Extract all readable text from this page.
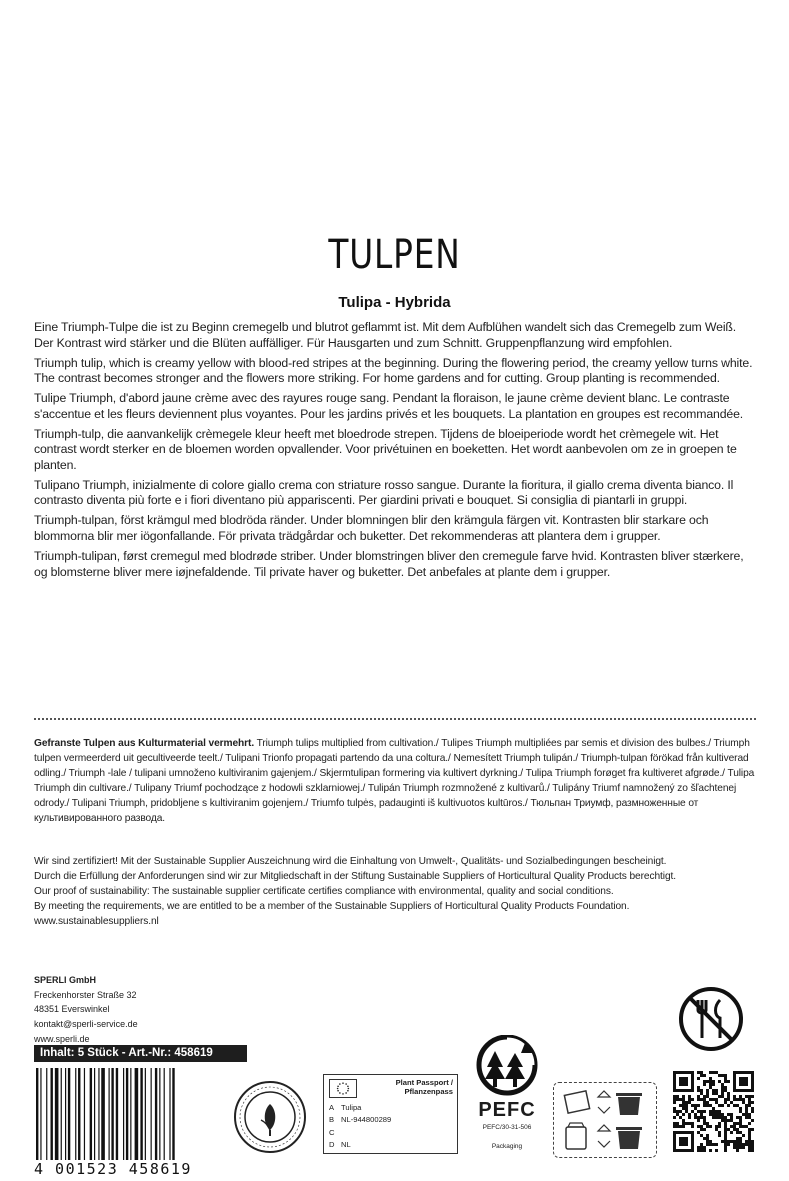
TULPEN
Tulipa - Hybrida

Eine Triumph-Tulpe die ist zu Beginn cremegelb und blutrot geflammt ist. Mit dem Aufblühen wandelt sich das Cremegelb zum Weiß. Der Kontrast wird stärker und die Blüten auffälliger. Für Hausgarten und zum Schnitt. Gruppenpflanzung wird empfohlen.

Triumph tulip, which is creamy yellow with blood-red stripes at the beginning. During the flowering period, the creamy yellow turns white. The contrast becomes stronger and the flowers more striking. For home gardens and for cutting. Group planting is recommended.

Tulipe Triumph, d'abord jaune crème avec des rayures rouge sang. Pendant la floraison, le jaune crème devient blanc. Le contraste s'accentue et les fleurs deviennent plus voyantes. Pour les jardins privés et les bouquets. La plantation en groupes est recommandée.

Triumph-tulp, die aanvankelijk crèmegele kleur heeft met bloedrode strepen. Tijdens de bloeiperiode wordt het crèmegele wit. Het contrast wordt sterker en de bloemen worden opvallender. Voor privétuinen en boeketten. Het wordt aanbevolen om ze in groepen te planten.

Tulipano Triumph, inizialmente di colore giallo crema con striature rosso sangue. Durante la fioritura, il giallo crema diventa bianco. Il contrasto diventa più forte e i fiori diventano più appariscenti. Per giardini privati e bouquet. Si consiglia di piantarli in gruppi.

Triumph-tulpan, först krämgul med blodröda ränder. Under blomningen blir den krämgula färgen vit. Kontrasten blir starkare och blommorna blir mer iögonfallande. För privata trädgårdar och buketter. Det rekommenderas att plantera dem i grupper.

Triumph-tulipan, først cremegul med blodrøde striber. Under blomstringen bliver den cremegule farve hvid. Kontrasten bliver stærkere, og blomsterne bliver mere iøjnefaldende. Til private haver og buketter. Det anbefales at plante dem i grupper.

Gefranste Tulpen aus Kulturmaterial vermehrt. Triumph tulips multiplied from cultivation./ Tulipes Triumph multipliées par semis et division des bulbes./ Triumph tulpen vermeerderd uit gecultiveerde teelt./ Tulipani Trionfo propagati partendo da una coltura./ Nemesített Triumph tulipán./ Triumph-tulpan förökad från kultiverad odling./ Triumph -lale / tulipani umnoženo kultiviranim gajenjem./ Skjermtulipan formering via kultivert dyrkning./ Tulipa Triumph forøget fra kultiveret afgrøde./ Tulipa Triumph din cultivare./ Tulipany Triumf pochodzące z hodowli szklarniowej./ Tulipán Triumph rozmnožené z kultivarů./ Tulipány Triumf namnožený zo šľachtenej odrody./ Tulipani Triumph, pridobljene s kultiviranim gojenjem./ Triumfo tulpės, padaugintі iš kultivuotos kultūros./ Тюльпан Триумф, размноженные от культивированного развода.
Wir sind zertifiziert! Mit der Sustainable Supplier Auszeichnung wird die Einhaltung von Umwelt-, Qualitäts- und Sozialbedingungen bescheinigt.
Durch die Erfüllung der Anforderungen sind wir zur Mitgliedschaft in der Stiftung Sustainable Suppliers of Horticultural Quality Products berechtigt.
Our proof of sustainability: The sustainable supplier certificate certifies compliance with environmental, quality and social conditions.
By meeting the requirements, we are entitled to be a member of the Sustainable Suppliers of Horticultural Quality Products Foundation.
www.sustainablesuppliers.nl
SPERLI GmbH
Freckenhorster Straße 32
48351 Everswinkel
kontakt@sperli-service.de
www.sperli.de
Inhalt: 5 Stück - Art.-Nr.: 458619
4 001523 458619
Plant Passport /
Pflanzenpass
A Tulipa
B NL-944800289
C
D NL
PEFC
PEFC/30-31-506
Packaging
